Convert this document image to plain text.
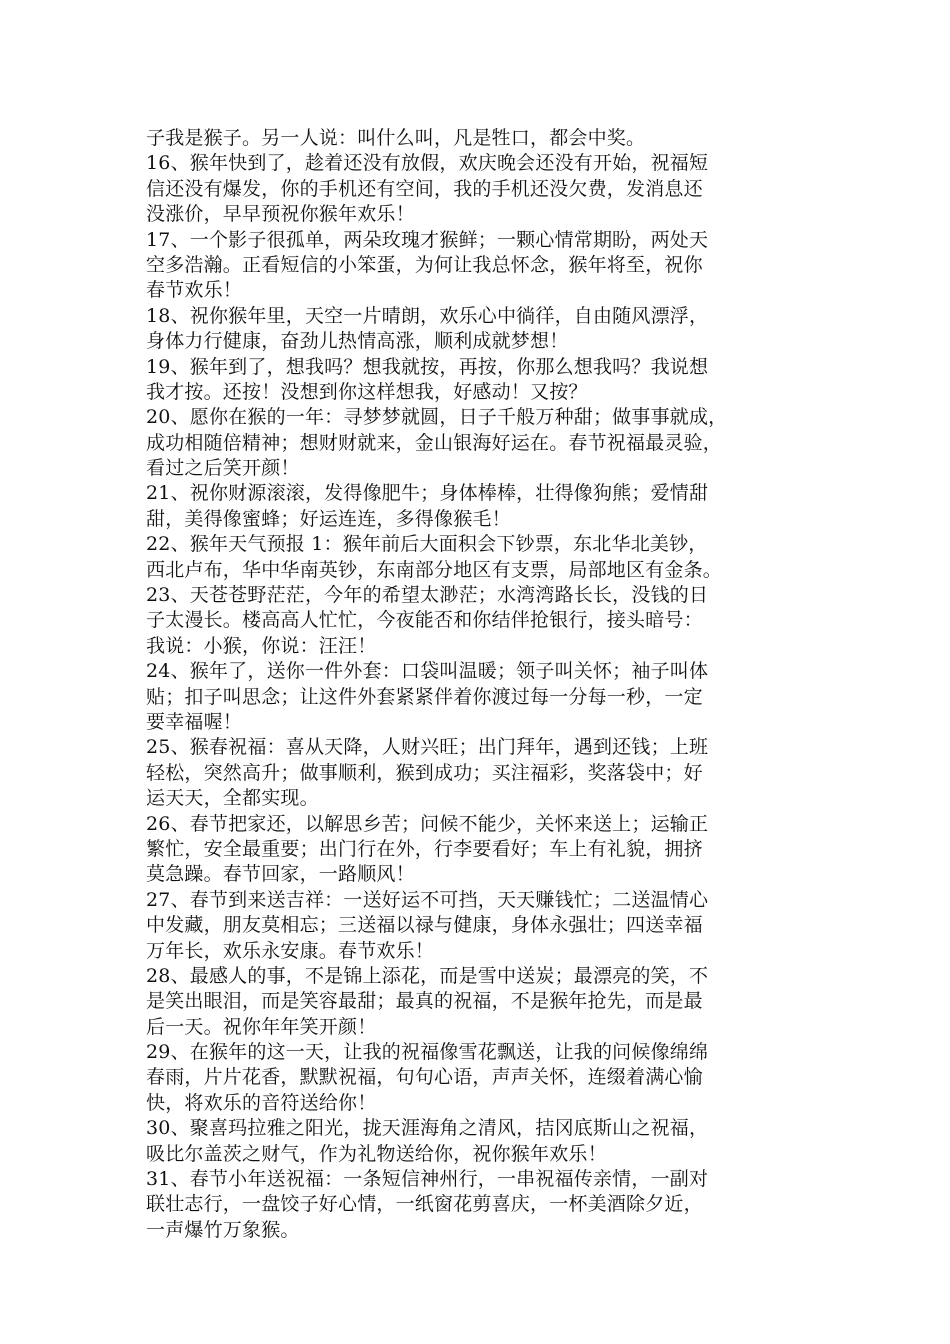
子我是猴子。另一人说：叫什么叫，凡是牲口，都会中奖。
16、猴年快到了，趁着还没有放假，欢庆晚会还没有开始，祝福短
信还没有爆发，你的手机还有空间，我的手机还没欠费，发消息还
没涨价，早早预祝你猴年欢乐！
17、一个影子很孤单，两朵玫瑰才猴鲜；一颗心情常期盼，两处天
空多浩瀚。正看短信的小笨蛋，为何让我总怀念，猴年将至，祝你
春节欢乐！
18、祝你猴年里，天空一片晴朗，欢乐心中徜徉，自由随风漂浮，
身体力行健康，奋劲儿热情高涨，顺利成就梦想！
19、猴年到了，想我吗？想我就按，再按，你那么想我吗？我说想
我才按。还按！没想到你这样想我，好感动！又按？
20、愿你在猴的一年：寻梦梦就圆，日子千般万种甜；做事事就成，
成功相随倍精神；想财财就来，金山银海好运在。春节祝福最灵验，
看过之后笑开颜！
21、祝你财源滚滚，发得像肥牛；身体棒棒，壮得像狗熊；爱情甜
甜，美得像蜜蜂；好运连连，多得像猴毛！
22、猴年天气预报 1：猴年前后大面积会下钞票，东北华北美钞，
西北卢布，华中华南英钞，东南部分地区有支票，局部地区有金条。
23、天苍苍野茫茫，今年的希望太渺茫；水湾湾路长长，没钱的日
子太漫长。楼高高人忙忙，今夜能否和你结伴抢银行，接头暗号：
我说：小猴，你说：汪汪！
24、猴年了，送你一件外套：口袋叫温暖；领子叫关怀；袖子叫体
贴；扣子叫思念；让这件外套紧紧伴着你渡过每一分每一秒，一定
要幸福喔！
25、猴春祝福：喜从天降，人财兴旺；出门拜年，遇到还钱；上班
轻松，突然高升；做事顺利，猴到成功；买注福彩，奖落袋中；好
运天天，全都实现。
26、春节把家还，以解思乡苦；问候不能少，关怀来送上；运输正
繁忙，安全最重要；出门行在外，行李要看好；车上有礼貌，拥挤
莫急躁。春节回家，一路顺风！
27、春节到来送吉祥：一送好运不可挡，天天赚钱忙；二送温情心
中发藏，朋友莫相忘；三送福以禄与健康，身体永强壮；四送幸福
万年长，欢乐永安康。春节欢乐！
28、最感人的事，不是锦上添花，而是雪中送炭；最漂亮的笑，不
是笑出眼泪，而是笑容最甜；最真的祝福，不是猴年抢先，而是最
后一天。祝你年年笑开颜！
29、在猴年的这一天，让我的祝福像雪花飘送，让我的问候像绵绵
春雨，片片花香，默默祝福，句句心语，声声关怀，连缀着满心愉
快，将欢乐的音符送给你！
30、聚喜玛拉雅之阳光，拢天涯海角之清风，拮冈底斯山之祝福，
吸比尔盖茨之财气，作为礼物送给你，祝你猴年欢乐！
31、春节小年送祝福：一条短信神州行，一串祝福传亲情，一副对
联壮志行，一盘饺子好心情，一纸窗花剪喜庆，一杯美酒除夕近，
一声爆竹万象猴。
